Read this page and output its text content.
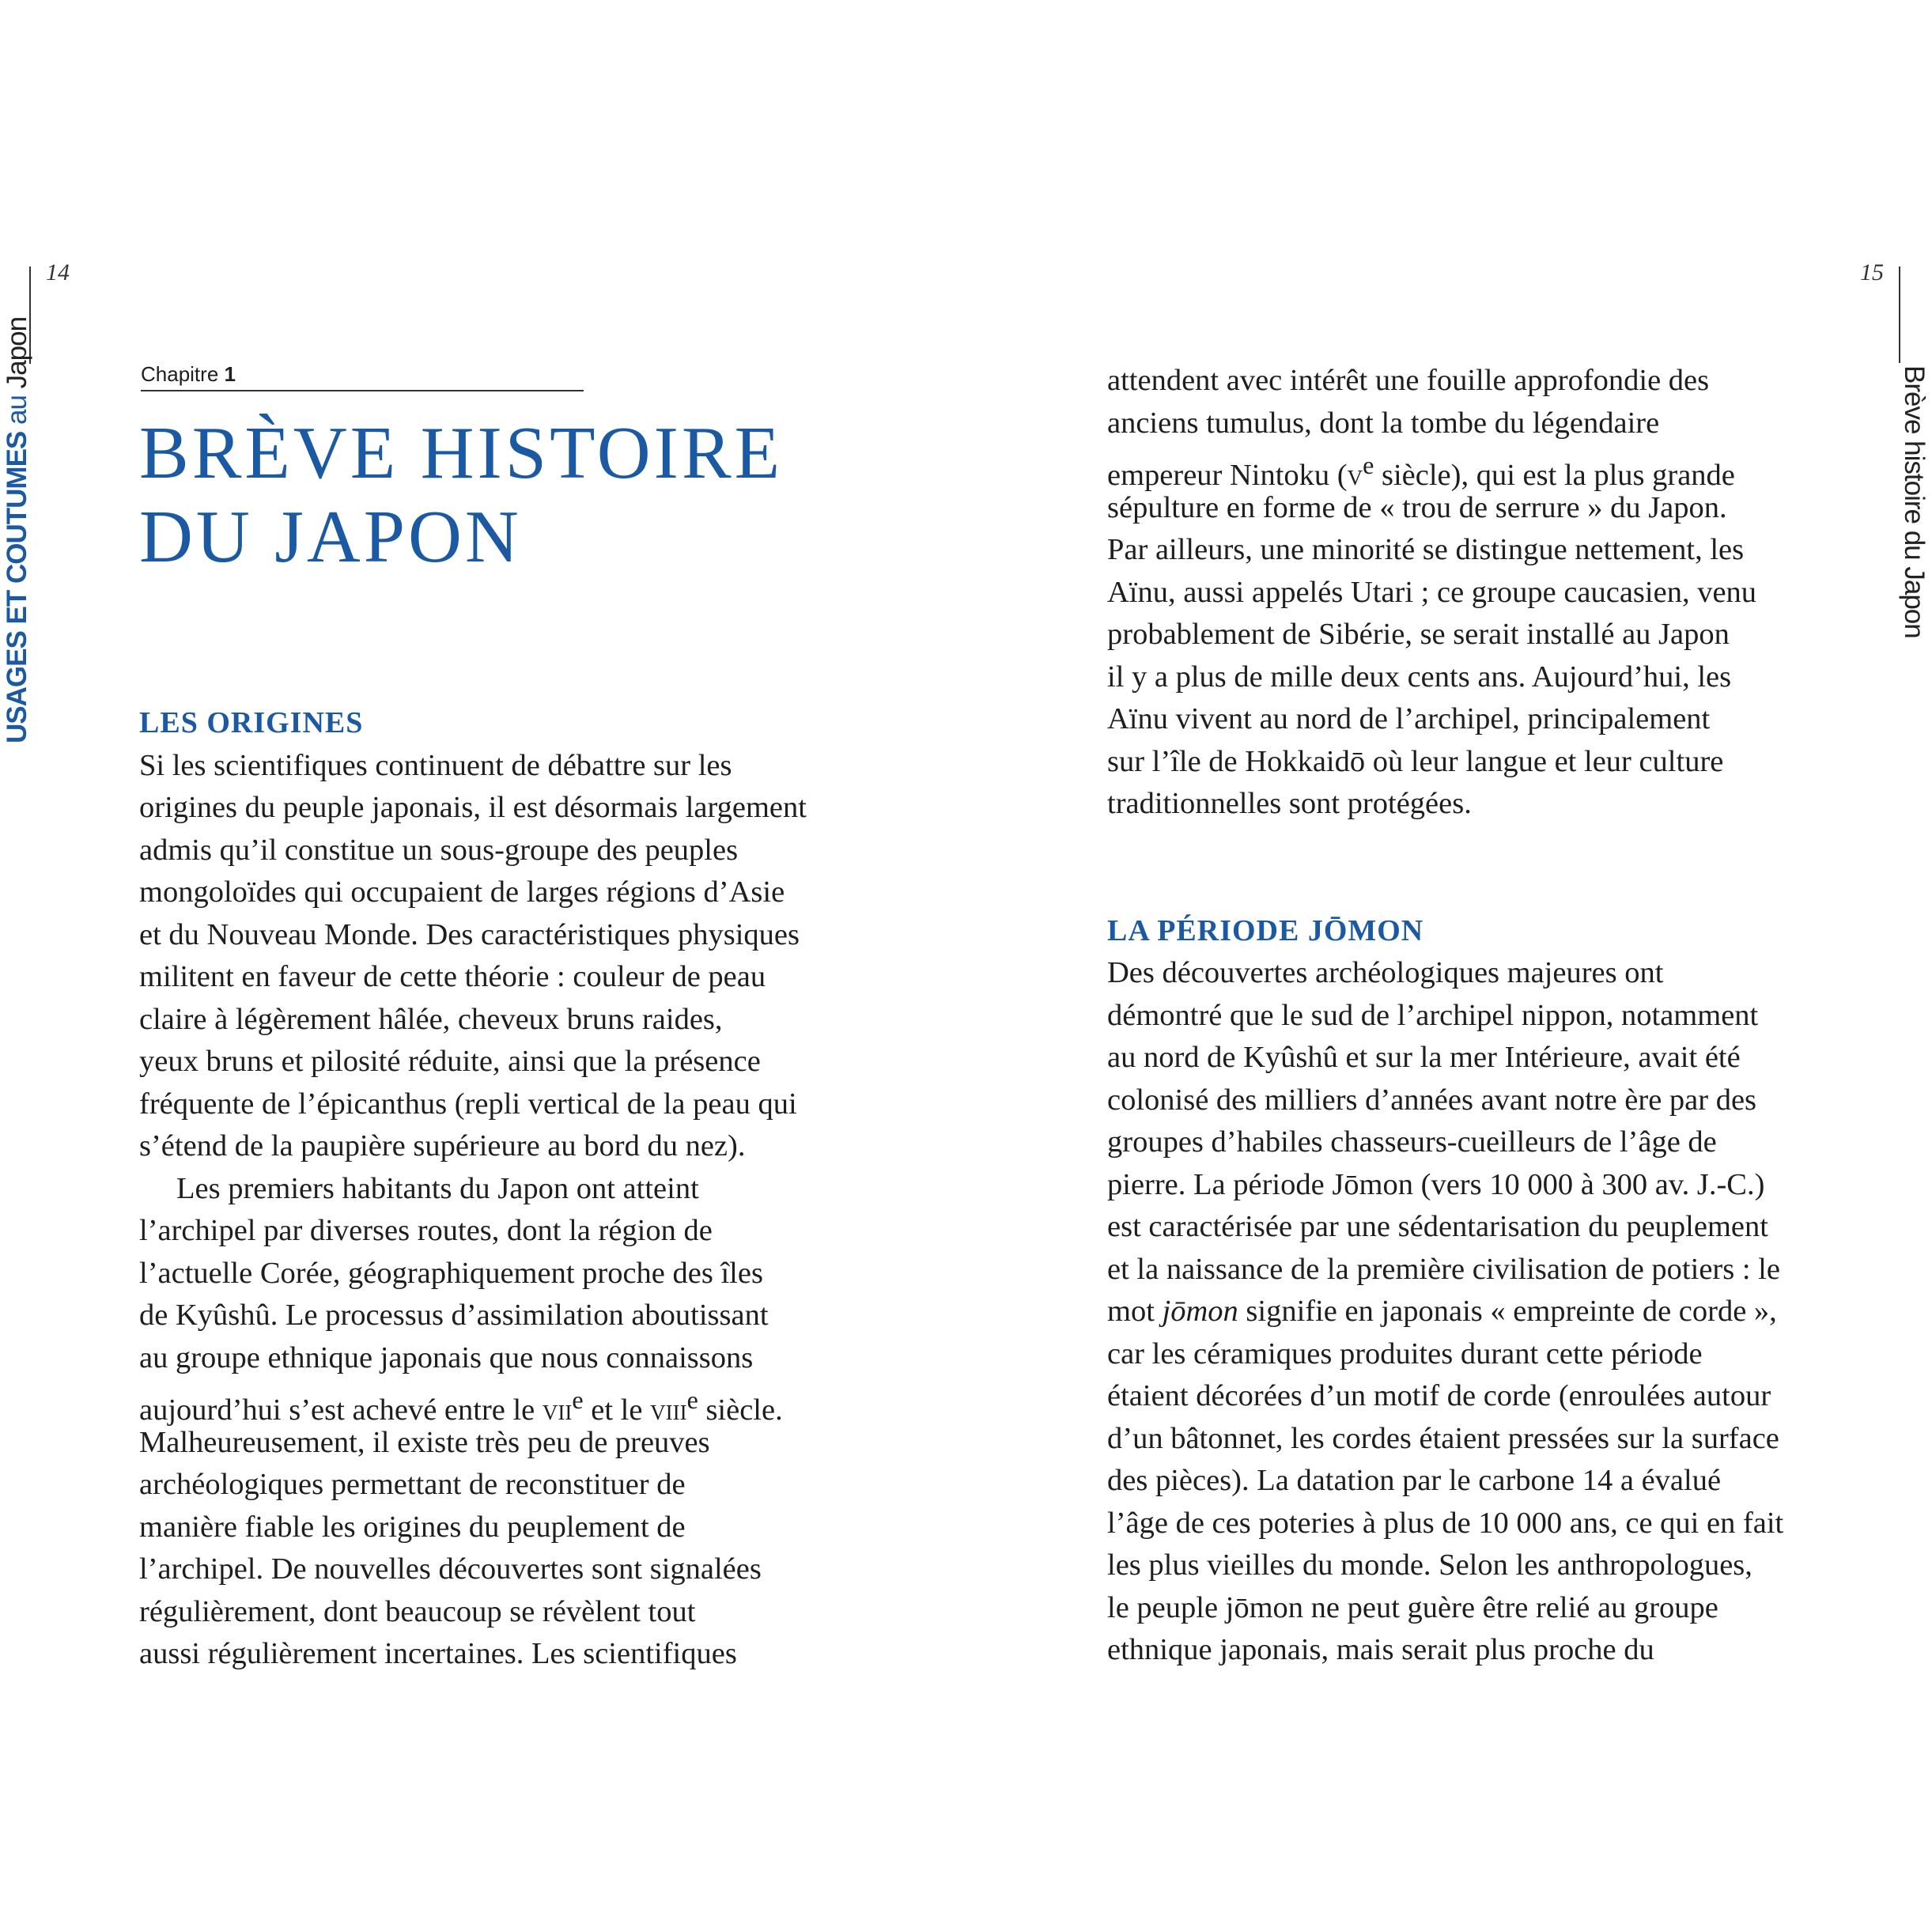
14
USAGES ET COUTUMES au Japon
15
Brève histoire du Japon
Chapitre 1
BRÈVE HISTOIRE
DU JAPON
LES ORIGINES
Si les scientifiques continuent de débattre sur les
origines du peuple japonais, il est désormais largement
admis qu’il constitue un sous-groupe des peuples
mongoloïdes qui occupaient de larges régions d’Asie
et du Nouveau Monde. Des caractéristiques physiques
militent en faveur de cette théorie : couleur de peau
claire à légèrement hâlée, cheveux bruns raides,
yeux bruns et pilosité réduite, ainsi que la présence
fréquente de l’épicanthus (repli vertical de la peau qui
s’étend de la paupière supérieure au bord du nez).
Les premiers habitants du Japon ont atteint
l’archipel par diverses routes, dont la région de
l’actuelle Corée, géographiquement proche des îles
de Kyûshû. Le processus d’assimilation aboutissant
au groupe ethnique japonais que nous connaissons
aujourd’hui s’est achevé entre le vii$^e$ et le viii$^e$ siècle.
Malheureusement, il existe très peu de preuves
archéologiques permettant de reconstituer de
manière fiable les origines du peuplement de
l’archipel. De nouvelles découvertes sont signalées
régulièrement, dont beaucoup se révèlent tout
aussi régulièrement incertaines. Les scientifiques
attendent avec intérêt une fouille approfondie des
anciens tumulus, dont la tombe du légendaire
empereur Nintoku ($v^e$ siècle), qui est la plus grande
sépulture en forme de « trou de serrure » du Japon.
Par ailleurs, une minorité se distingue nettement, les
Aïnu, aussi appelés Utari ; ce groupe caucasien, venu
probablement de Sibérie, se serait installé au Japon
il y a plus de mille deux cents ans. Aujourd’hui, les
Aïnu vivent au nord de l’archipel, principalement
sur l’île de Hokkaidō où leur langue et leur culture
traditionnelles sont protégées.
LA PÉRIODE JŌMON
Des découvertes archéologiques majeures ont
démontré que le sud de l’archipel nippon, notamment
au nord de Kyûshû et sur la mer Intérieure, avait été
colonisé des milliers d’années avant notre ère par des
groupes d’habiles chasseurs-cueilleurs de l’âge de
pierre. La période Jōmon (vers 10 000 à 300 av. J.-C.)
est caractérisée par une sédentarisation du peuplement
et la naissance de la première civilisation de potiers : le
mot jōmon signifie en japonais « empreinte de corde »,
car les céramiques produites durant cette période
étaient décorées d’un motif de corde (enroulées autour
d’un bâtonnet, les cordes étaient pressées sur la surface
des pièces). La datation par le carbone 14 a évalué
l’âge de ces poteries à plus de 10 000 ans, ce qui en fait
les plus vieilles du monde. Selon les anthropologues,
le peuple jōmon ne peut guère être relié au groupe
ethnique japonais, mais serait plus proche du
